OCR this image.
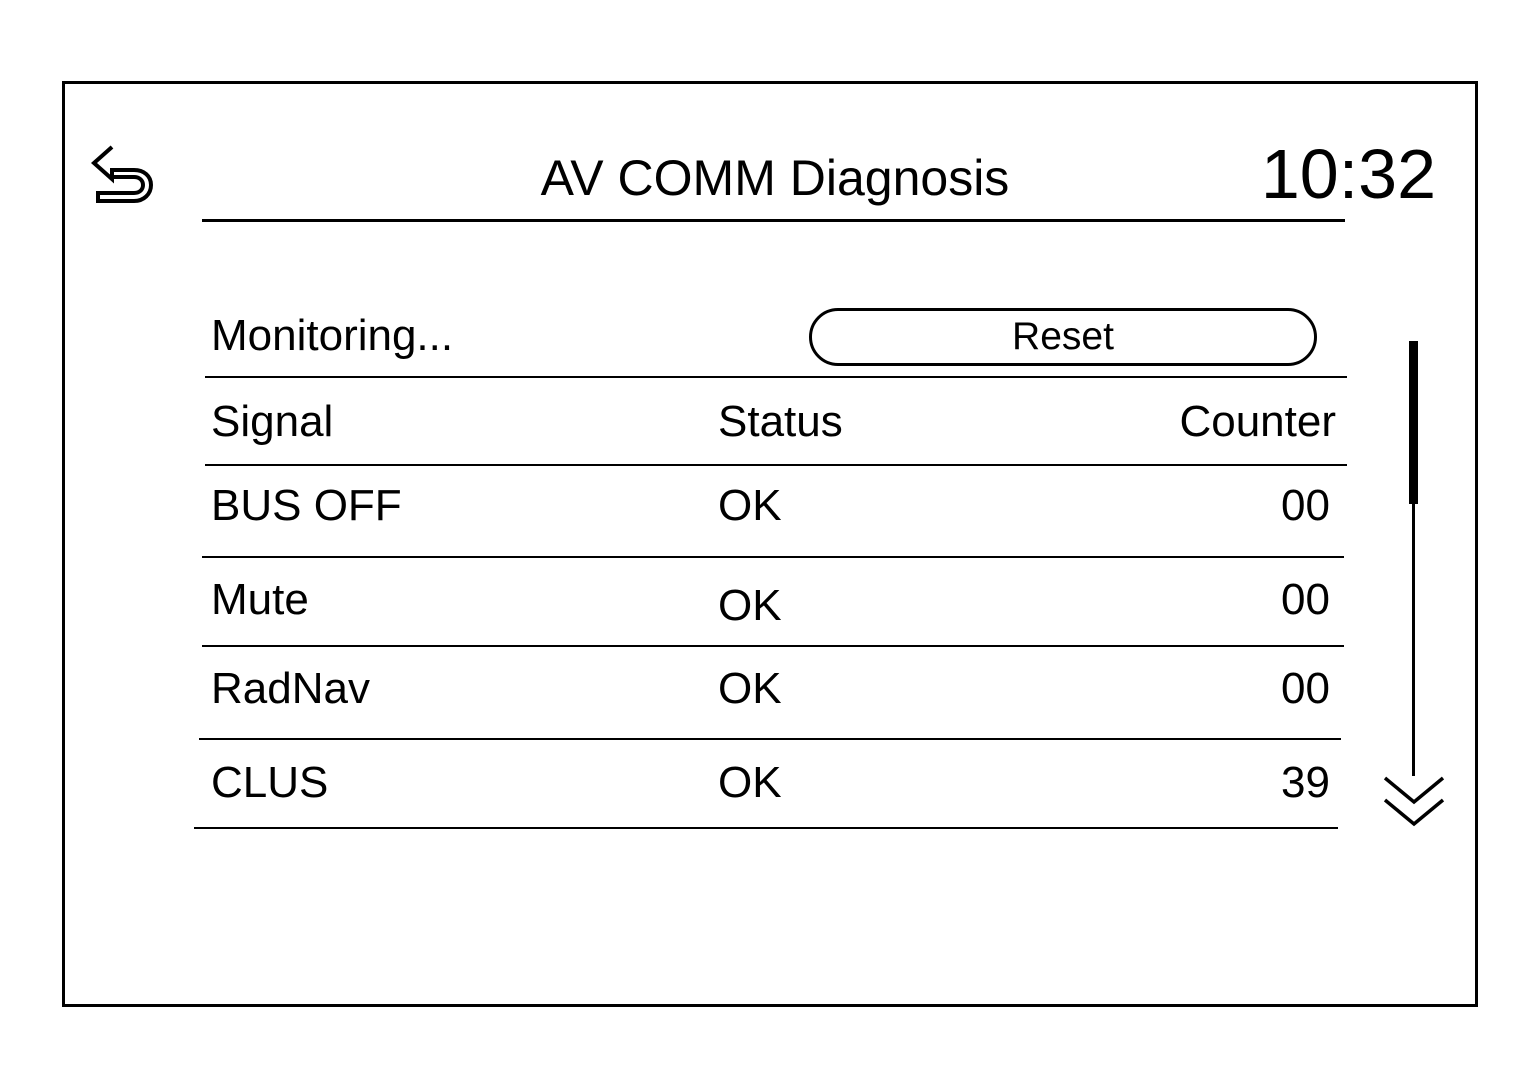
AV COMM Diagnosis	10:32
Monitoring...	Reset
Signal	Status	Counter
BUS OFF	OK	00
Mute	OK	00
RadNav	OK	00
CLUS	OK	39
